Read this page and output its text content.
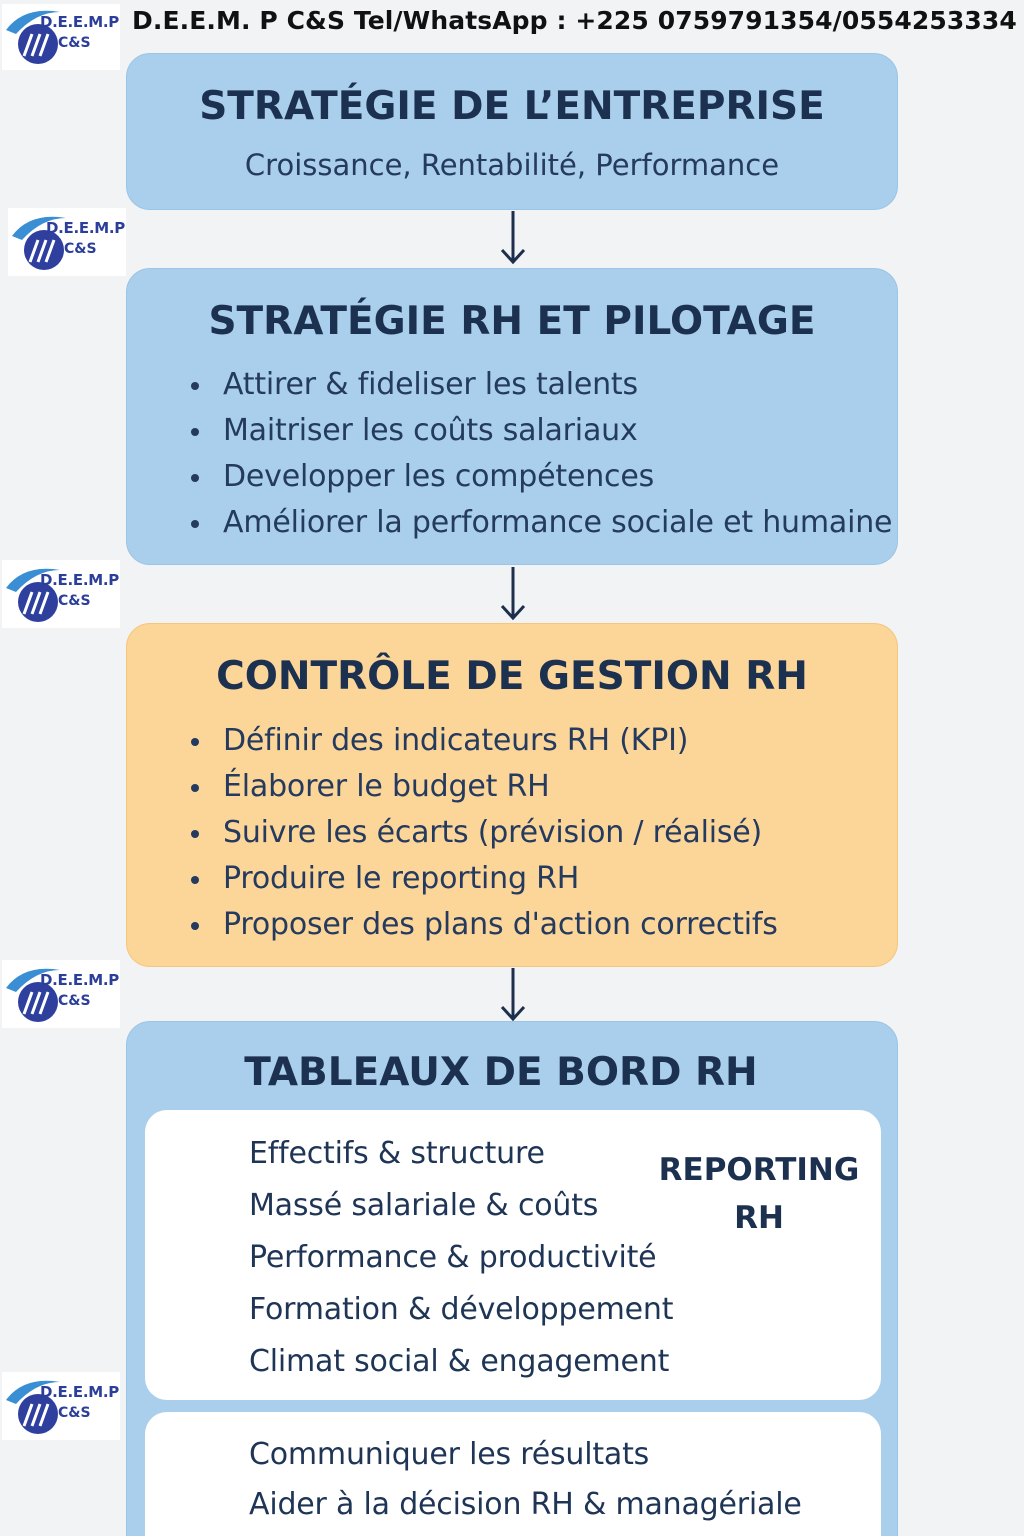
D.E.E.M. P C&S Tel/WhatsApp : +225 0759791354/0554253334
D.E.E.M.P
C&S
D.E.E.M.P
C&S
D.E.E.M.P
C&S
D.E.E.M.P
C&S
D.E.E.M.P
C&S
STRATÉGIE DE L’ENTREPRISE
Croissance, Rentabilité, Performance
STRATÉGIE RH ET PILOTAGE
Attirer & fideliser les talents
Maitriser les coûts salariaux
Developper les compétences
Améliorer la performance sociale et humaine
CONTRÔLE DE GESTION RH
Définir des indicateurs RH (KPI)
Élaborer le budget RH
Suivre les écarts (prévision / réalisé)
Produire le reporting RH
Proposer des plans d'action correctifs
TABLEAUX DE BORD RH
Effectifs & structure
Massé salariale & coûts
Performance & productivité
Formation & développement
Climat social & engagement
REPORTING
RH
Communiquer les résultats
Aider à la décision RH & managériale
